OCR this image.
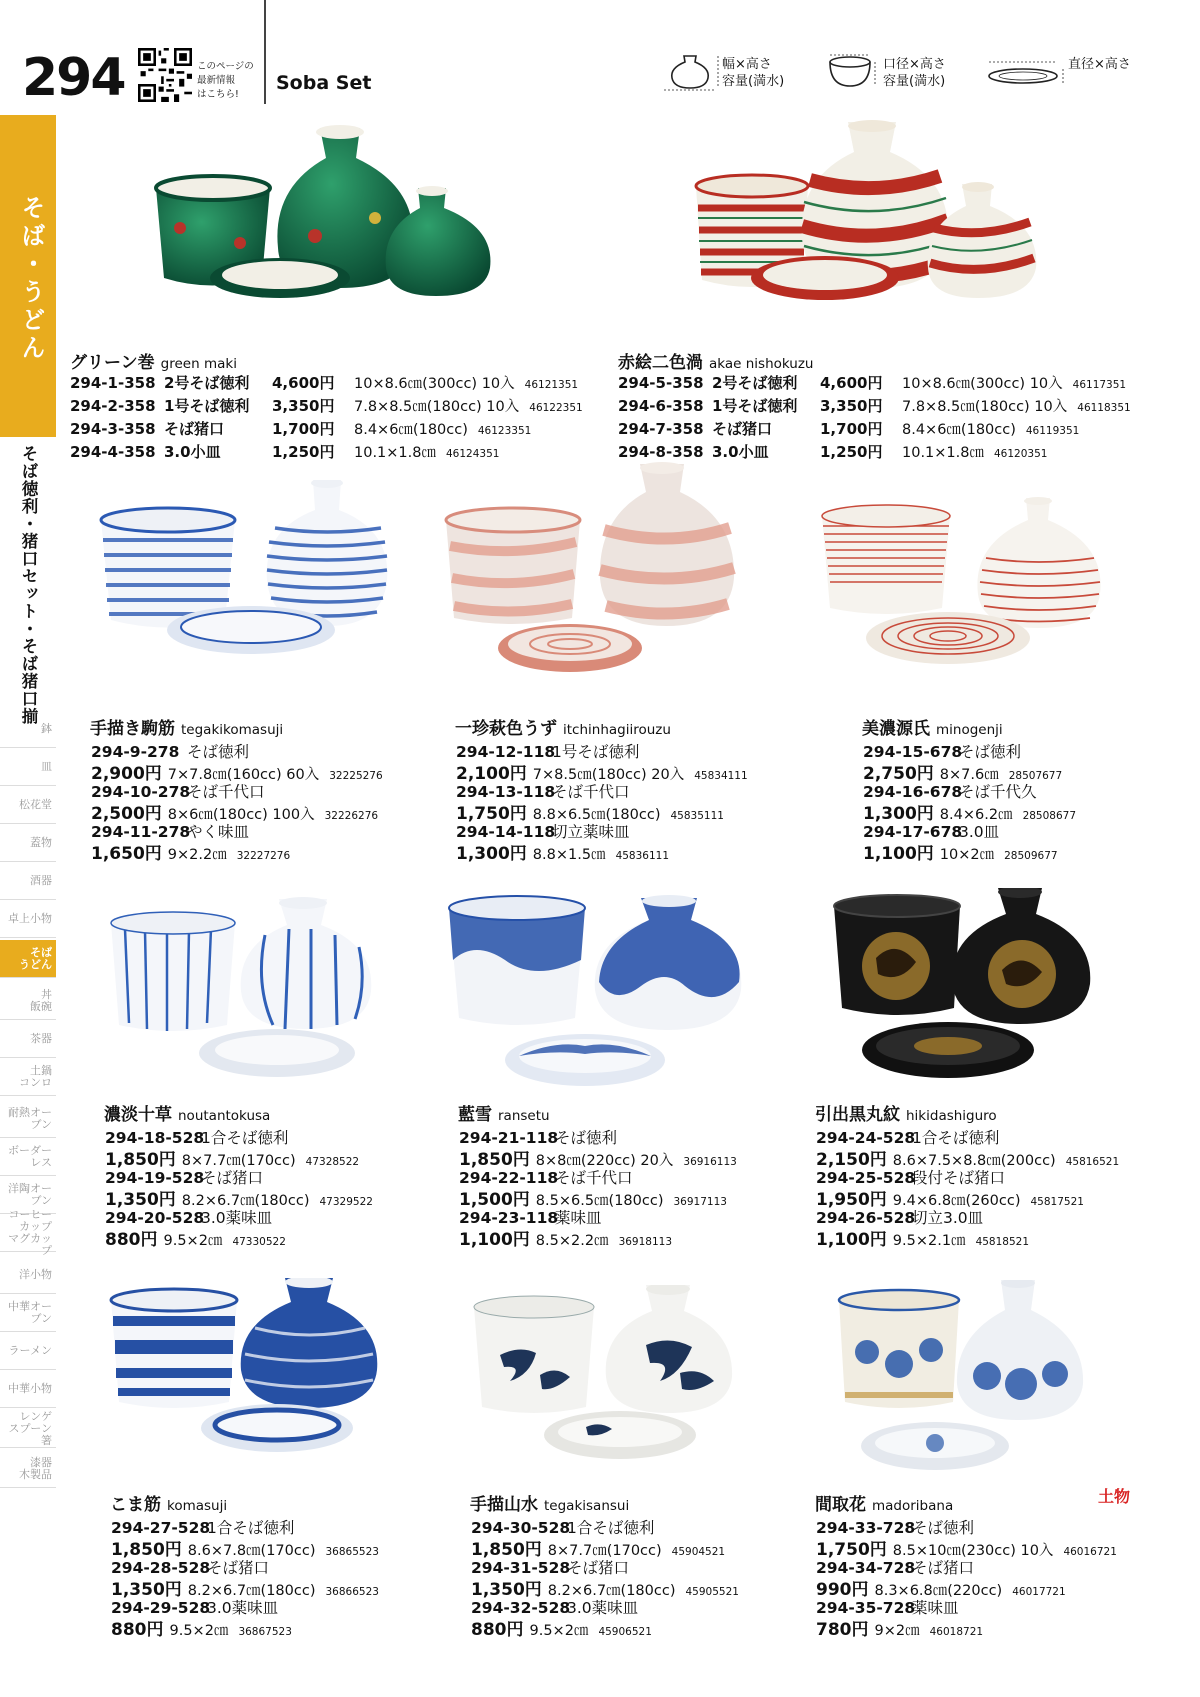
294	このページの
最新情報
はこちら!
Soba Set
幅×高さ
容量(満水)
口径×高さ
容量(満水)
直径×高さ
そば・うどん
そば徳利・猪口セット・そば猪口揃
鉢
皿
松花堂
蓋物
酒器
卓上小物
そば
うどん
丼
飯碗
茶器
土鍋
コンロ
耐熱オーブン
ボーダーレス
洋陶オーブン
コーヒーカップ
マグカップ
洋小物
中華オーブン
ラーメン
中華小物
レンゲ
スプーン 箸
漆器
木製品
グリーン巻 green maki
294-1-358 2号そば徳利 4,600円 10×8.6㎝(300cc) 10入 46121351
294-2-358 1号そば徳利 3,350円 7.8×8.5㎝(180cc) 10入 46122351
294-3-358 そば猪口	1,700円 8.4×6㎝(180cc) 46123351
294-4-358 3.0小皿	1,250円 10.1×1.8㎝ 46124351
赤絵二色渦 akae nishokuzu
294-5-358 2号そば徳利 4,600円 10×8.6㎝(300cc) 10入 46117351
294-6-358 1号そば徳利 3,350円 7.8×8.5㎝(180cc) 10入 46118351
294-7-358 そば猪口	1,700円 8.4×6㎝(180cc) 46119351
294-8-358 3.0小皿	1,250円 10.1×1.8㎝ 46120351
手描き駒筋 tegakikomasuji
294-9-278 そば徳利
2,900円 7×7.8㎝(160cc) 60入 32225276
294-10-278そば千代口
2,500円 8×6㎝(180cc) 100入 32226276
294-11-278やく味皿
1,650円 9×2.2㎝ 32227276
一珍萩色うず itchinhagiirouzu
294-12-1181号そば徳利
2,100円 7×8.5㎝(180cc) 20入 45834111
294-13-118そば千代口
1,750円 8.8×6.5㎝(180cc) 45835111
294-14-118切立薬味皿
1,300円 8.8×1.5㎝ 45836111
美濃源氏 minogenji
294-15-678そば徳利
2,750円 8×7.6㎝ 28507677
294-16-678そば千代久
1,300円 8.4×6.2㎝ 28508677
294-17-6783.0皿
1,100円 10×2㎝ 28509677
濃淡十草 noutantokusa
294-18-5281合そば徳利
1,850円 8×7.7㎝(170cc) 47328522
294-19-528そば猪口
1,350円 8.2×6.7㎝(180cc) 47329522
294-20-5283.0薬味皿
880円 9.5×2㎝ 47330522
藍雪 ransetu
294-21-118そば徳利
1,850円 8×8㎝(220cc) 20入 36916113
294-22-118そば千代口
1,500円 8.5×6.5㎝(180cc) 36917113
294-23-118薬味皿
1,100円 8.5×2.2㎝ 36918113
引出黒丸紋 hikidashiguro
294-24-5281合そば徳利
2,150円 8.6×7.5×8.8㎝(200cc) 45816521
294-25-528段付そば猪口
1,950円 9.4×6.8㎝(260cc) 45817521
294-26-528切立3.0皿
1,100円 9.5×2.1㎝ 45818521
こま筋 komasuji
294-27-5281合そば徳利
1,850円 8.6×7.8㎝(170cc) 36865523
294-28-528そば猪口
1,350円 8.2×6.7㎝(180cc) 36866523
294-29-5283.0薬味皿
880円 9.5×2㎝ 36867523
手描山水 tegakisansui
294-30-5281合そば徳利
1,850円 8×7.7㎝(170cc) 45904521
294-31-528そば猪口
1,350円 8.2×6.7㎝(180cc) 45905521
294-32-5283.0薬味皿
880円 9.5×2㎝ 45906521
間取花 madoribana
294-33-728そば徳利
1,750円 8.5×10㎝(230cc) 10入 46016721
294-34-728そば猪口
990円 8.3×6.8㎝(220cc) 46017721
294-35-728薬味皿
780円 9×2㎝ 46018721
土物
